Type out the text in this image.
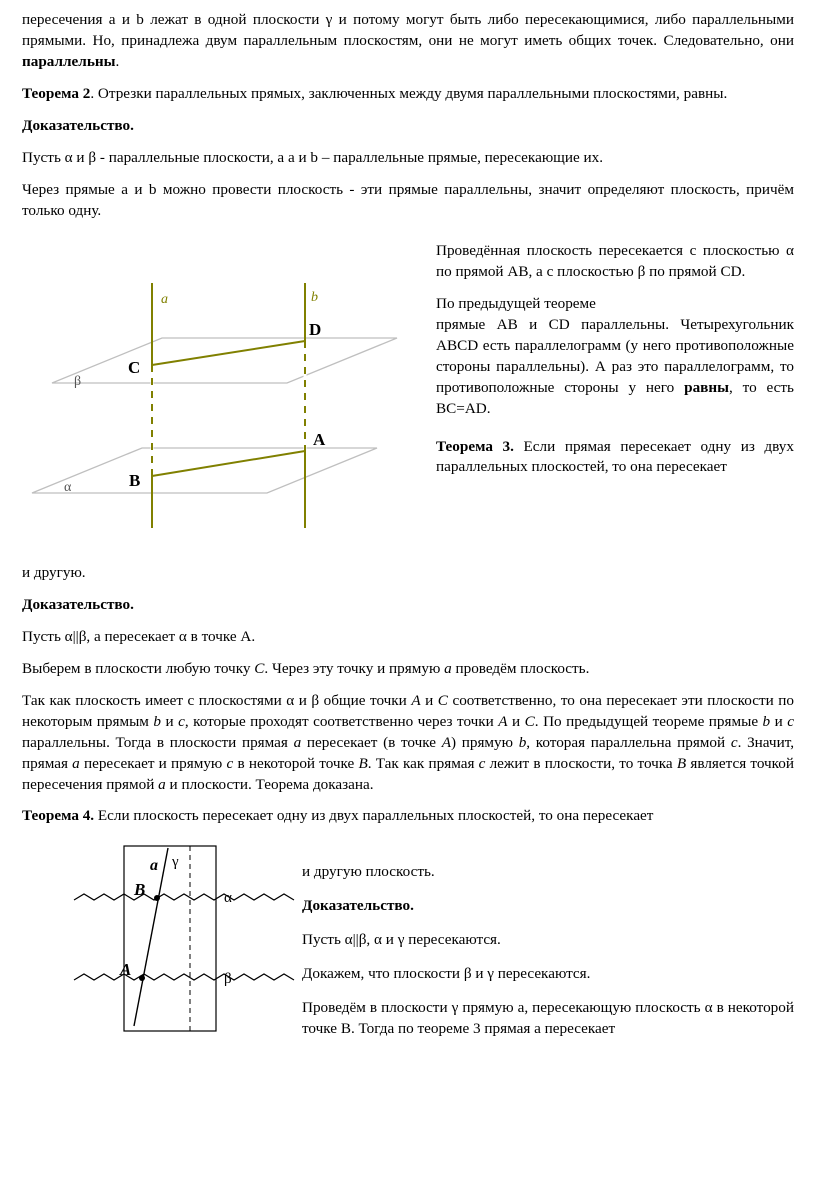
пересечения a и b лежат в одной плоскости γ и потому могут быть либо пересекающимися, либо параллельными прямыми. Но, принадлежа двум параллельным плоскостям, они не могут иметь общих точек. Следовательно, они параллельны.

Теорема 2. Отрезки параллельных прямых, заключенных между двумя параллельными плоскостями, равны.

Доказательство.

Пусть α и β - параллельные плоскости, a a и b – параллельные прямые, пересекающие их.

Через прямые a и b можно провести плоскость - эти прямые параллельны, значит определяют плоскость, причём только одну.

a	b
D
C
A
B
β
α

Проведённая плоскость пересекается с плоскостью α по прямой AB, a с плоскостью β по прямой CD.

По предыдущей теореме
прямые AB и CD параллельны. Четырехугольник ABCD есть параллелограмм (у него противоположные стороны параллельны). А раз это параллелограмм, то противоположные стороны у него равны, то есть BC=AD.

Теорема 3. Если прямая пересекает одну из двух параллельных плоскостей, то она пересекает

и другую.

Доказательство.

Пусть α||β, а пересекает α в точке A.

Выберем в плоскости любую точку C. Через эту точку и прямую a проведём плоскость.

Так как плоскость имеет с плоскостями α и β общие точки A и C соответственно, то она пересекает эти плоскости по некоторым прямым b и c, которые проходят соответственно через точки A и C. По предыдущей теореме прямые b и c параллельны. Тогда в плоскости прямая a пересекает (в точке A) прямую b, которая параллельна прямой c. Значит, прямая a пересекает и прямую c в некоторой точке B. Так как прямая c лежит в плоскости, то точка B является точкой пересечения прямой a и плоскости. Теорема доказана.

Теорема 4. Если плоскость пересекает одну из двух параллельных плоскостей, то она пересекает

a γ
B
A
α
β

и другую плоскость.

Доказательство.

Пусть α||β, α и γ пересекаются.

Докажем, что плоскости β и γ пересекаются.

Проведём в плоскости γ прямую a, пересекающую плоскость α в некоторой точке B. Тогда по теореме 3 прямая a пересекает
